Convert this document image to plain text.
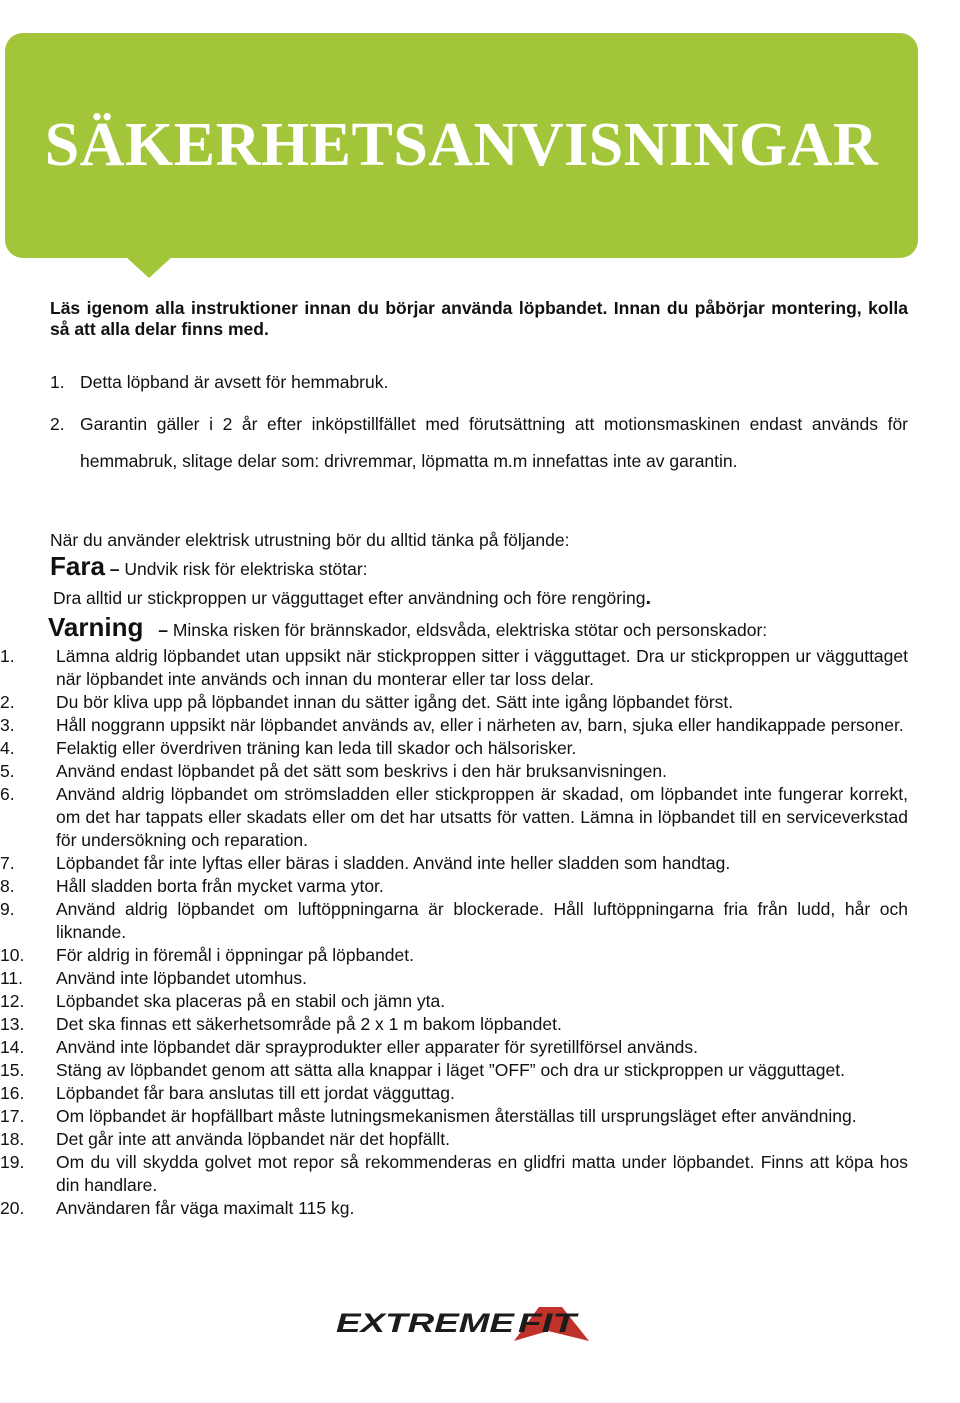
SÄKERHETSANVISNINGAR
Läs igenom alla instruktioner innan du börjar använda löpbandet. Innan du påbörjar montering, kolla så att alla delar finns med.
1. Detta löpband är avsett för hemmabruk.
2. Garantin gäller i 2 år efter inköpstillfället med förutsättning att motionsmaskinen endast används för hemmabruk, slitage delar som: drivremmar, löpmatta m.m innefattas inte av garantin.
När du använder elektrisk utrustning bör du alltid tänka på följande:
Fara – Undvik risk för elektriska stötar:
Dra alltid ur stickproppen ur vägguttaget efter användning och före rengöring.
Varning – Minska risken för brännskador, eldsvåda, elektriska stötar och personskador:
1.	Lämna aldrig löpbandet utan uppsikt när stickproppen sitter i vägguttaget. Dra ur stickproppen ur vägguttaget när löpbandet inte används och innan du monterar eller tar loss delar.
2.	Du bör kliva upp på löpbandet innan du sätter igång det. Sätt inte igång löpbandet först.
3.	Håll noggrann uppsikt när löpbandet används av, eller i närheten av, barn, sjuka eller handikappade personer.
4.	Felaktig eller överdriven träning kan leda till skador och hälsorisker.
5.	Använd endast löpbandet på det sätt som beskrivs i den här bruksanvisningen.
6.	Använd aldrig löpbandet om strömsladden eller stickproppen är skadad, om löpbandet inte fungerar korrekt, om det har tappats eller skadats eller om det har utsatts för vatten. Lämna in löpbandet till en serviceverkstad för undersökning och reparation.
7.	Löpbandet får inte lyftas eller bäras i sladden. Använd inte heller sladden som handtag.
8.	Håll sladden borta från mycket varma ytor.
9.	Använd aldrig löpbandet om luftöppningarna är blockerade. Håll luftöppningarna fria från ludd, hår och liknande.
10.	För aldrig in föremål i öppningar på löpbandet.
11.	Använd inte löpbandet utomhus.
12.	Löpbandet ska placeras på en stabil och jämn yta.
13.	Det ska finnas ett säkerhetsområde på 2 x 1 m bakom löpbandet.
14.	Använd inte löpbandet där sprayprodukter eller apparater för syretillförsel används.
15.	Stäng av löpbandet genom att sätta alla knappar i läget ”OFF” och dra ur stickproppen ur vägguttaget.
16.	Löpbandet får bara anslutas till ett jordat vägguttag.
17.	Om löpbandet är hopfällbart måste lutningsmekanismen återställas till ursprungsläget efter användning.
18.	Det går inte att använda löpbandet när det hopfällt.
19.	Om du vill skydda golvet mot repor så rekommenderas en glidfri matta under löpbandet. Finns att köpa hos din handlare.
20.	Användaren får väga maximalt 115 kg.
EXTREME FIT
